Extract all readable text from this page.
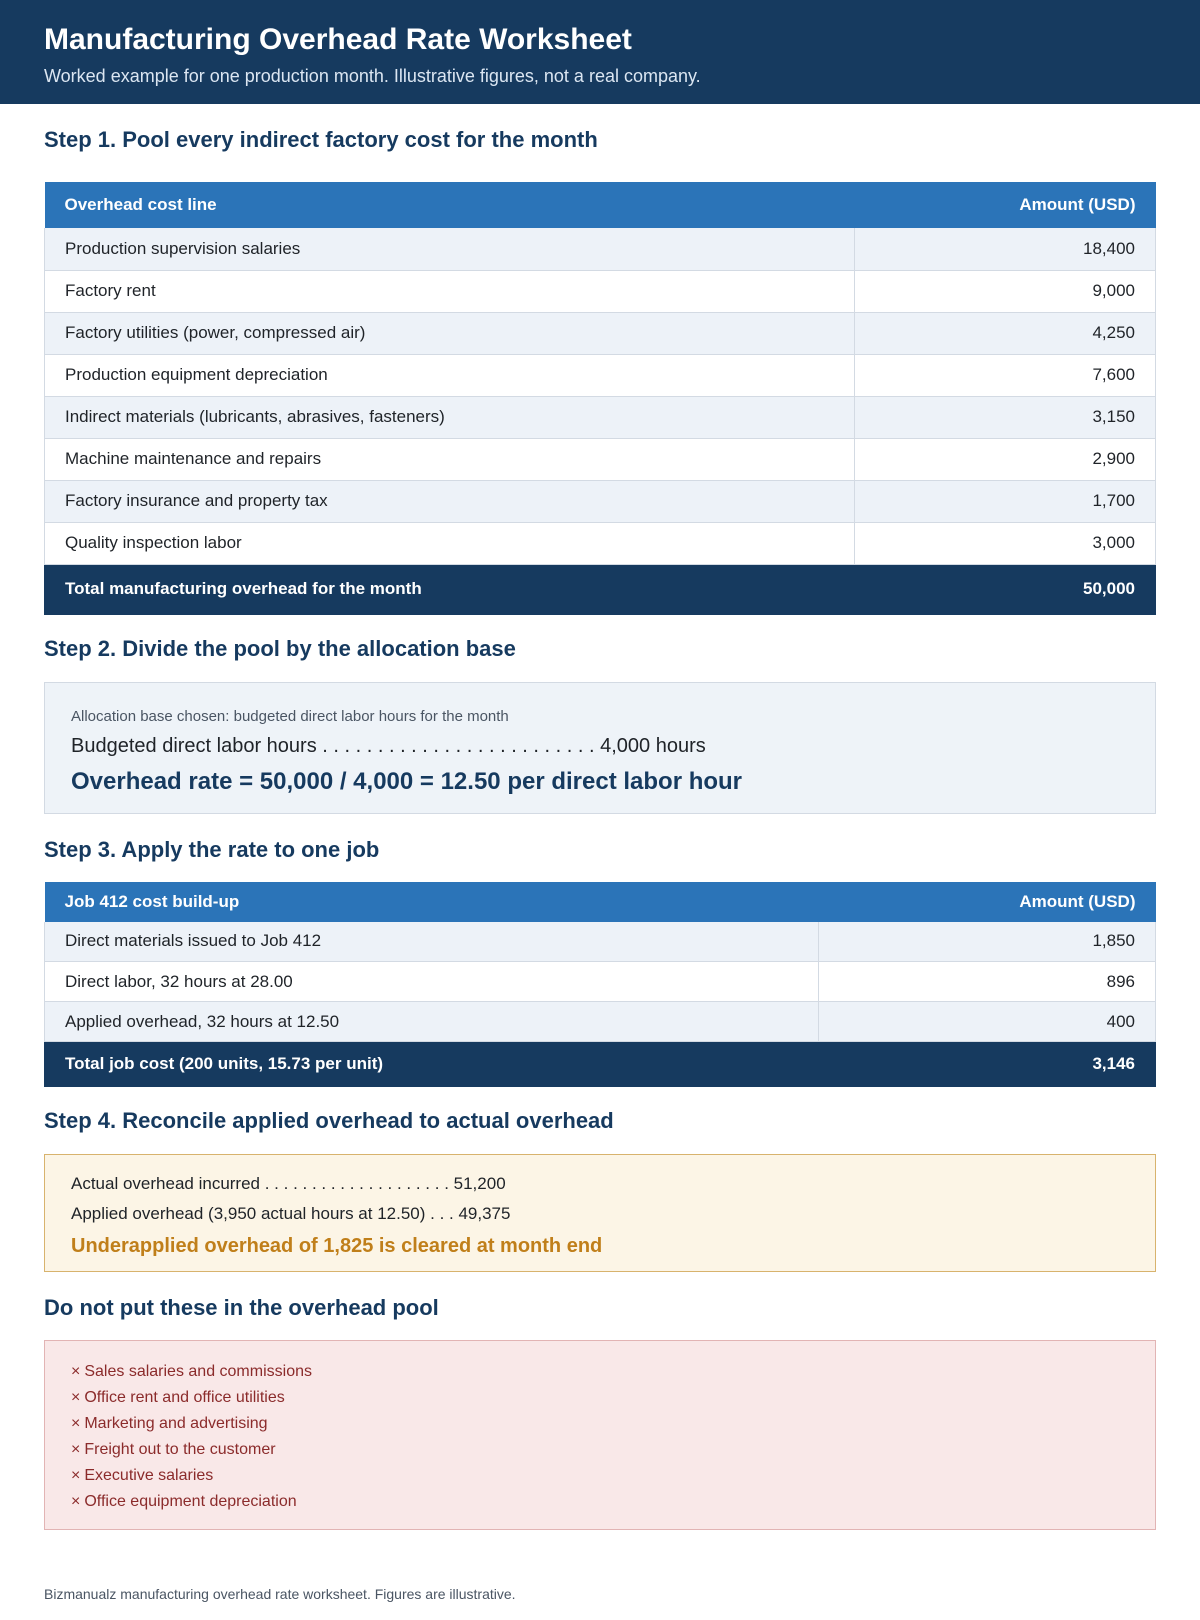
Manufacturing Overhead Rate Worksheet
Worked example for one production month. Illustrative figures, not a real company.
Step 1. Pool every indirect factory cost for the month
Overhead cost line	Amount (USD)
Production supervision salaries	18,400
Factory rent	9,000
Factory utilities (power, compressed air)	4,250
Production equipment depreciation	7,600
Indirect materials (lubricants, abrasives, fasteners)	3,150
Machine maintenance and repairs	2,900
Factory insurance and property tax	1,700
Quality inspection labor	3,000
Total manufacturing overhead for the month	50,000
Step 2. Divide the pool by the allocation base
Allocation base chosen: budgeted direct labor hours for the month
Budgeted direct labor hours . . . . . . . . . . . . . . . . . . . . . . . . . 4,000 hours
Overhead rate = 50,000 / 4,000 = 12.50 per direct labor hour
Step 3. Apply the rate to one job
Job 412 cost build-up	Amount (USD)
Direct materials issued to Job 412	1,850
Direct labor, 32 hours at 28.00	896
Applied overhead, 32 hours at 12.50	400
Total job cost (200 units, 15.73 per unit)	3,146
Step 4. Reconcile applied overhead to actual overhead
Actual overhead incurred . . . . . . . . . . . . . . . . . . . . 51,200
Applied overhead (3,950 actual hours at 12.50) . . . 49,375
Underapplied overhead of 1,825 is cleared at month end
Do not put these in the overhead pool
× Sales salaries and commissions
× Office rent and office utilities
× Marketing and advertising
× Freight out to the customer
× Executive salaries
× Office equipment depreciation
Bizmanualz manufacturing overhead rate worksheet. Figures are illustrative.
